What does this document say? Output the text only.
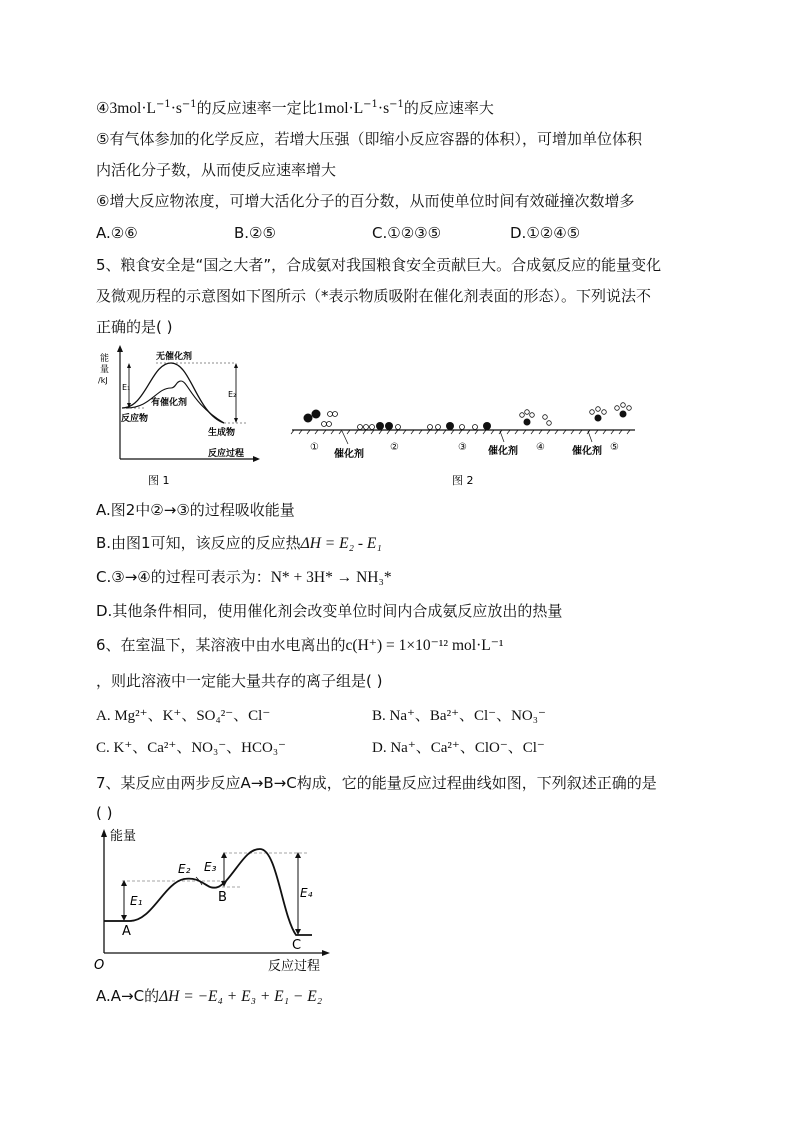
$④3mol\cdot L^{-1}\cdot s^{-1}$的反应速率一定比$1mol\cdot L^{-1}\cdot s^{-1}$的反应速率大
⑤有气体参加的化学反应，若增大压强（即缩小反应容器的体积），可增加单位体积
内活化分子数，从而使反应速率增大
⑥增大反应物浓度，可增大活化分子的百分数，从而使单位时间有效碰撞次数增多
A.②⑥	B.②⑤	C.①②③⑤	D.①②④⑤
5、粮食安全是“国之大者”，合成氨对我国粮食安全贡献巨大。合成氨反应的能量变化
及微观历程的示意图如下图所示（*表示物质吸附在催化剂表面的形态）。下列说法不
正确的是( )
能
量
/kJ
无催化剂
有催化剂
反应物
生成物
E₁
E₂
反应过程
图 1
①	②	③	④	⑤
催化剂	催化剂	催化剂
图 2
A.图2中②→③的过程吸收能量
B.由图1可知，该反应的反应热ΔH = E₂ - E₁
C.③→④的过程可表示为：N* + 3H* → NH₃*
D.其他条件相同，使用催化剂会改变单位时间内合成氨反应放出的热量
6、在室温下，某溶液中由水电离出的c(H⁺) = 1×10⁻¹² mol·L⁻¹
，则此溶液中一定能大量共存的离子组是( )
A. Mg²⁺、K⁺、SO₄²⁻、Cl⁻	B. Na⁺、Ba²⁺、Cl⁻、NO₃⁻
C. K⁺、Ca²⁺、NO₃⁻、HCO₃⁻	D. Na⁺、Ca²⁺、ClO⁻、Cl⁻
7、某反应由两步反应A→B→C构成，它的能量反应过程曲线如图，下列叙述正确的是
( )
能量
O	反应过程
E₁
E₂ E₃
E₄
A
B
C
A.A→C的ΔH = −E₄ + E₃ + E₁ − E₂
